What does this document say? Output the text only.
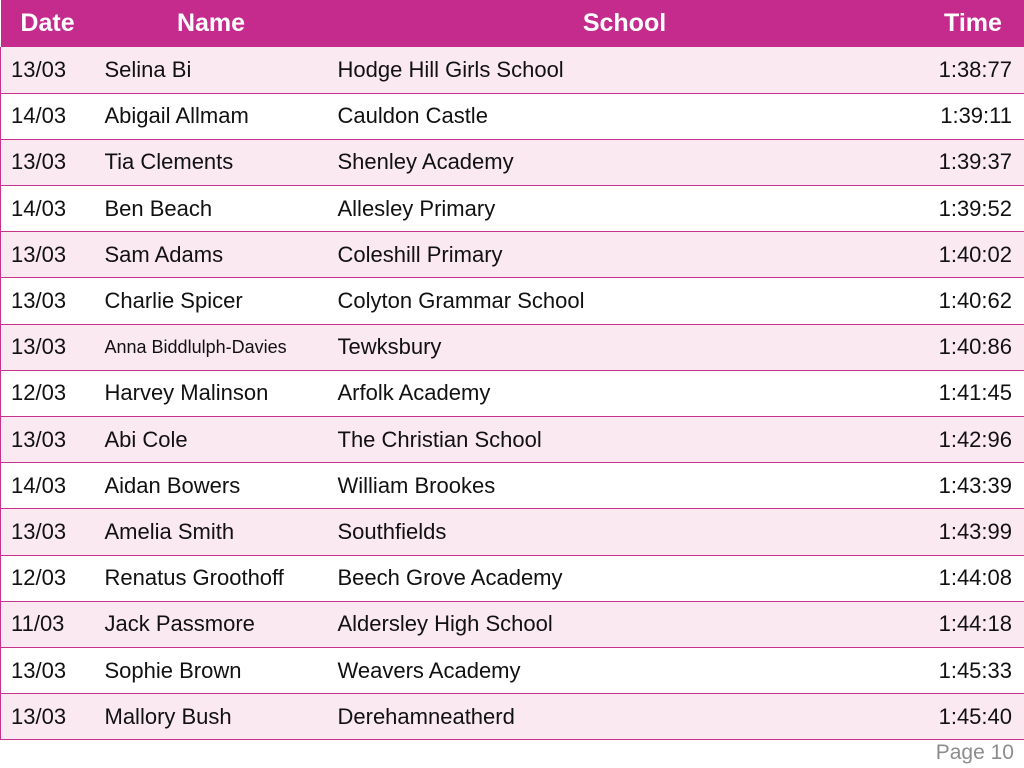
Date	Name	School	Time
13/03	Selina Bi	Hodge Hill Girls School	1:38:77
14/03	Abigail Allmam	Cauldon Castle	1:39:11
13/03	Tia Clements	Shenley Academy	1:39:37
14/03	Ben Beach	Allesley Primary	1:39:52
13/03	Sam Adams	Coleshill Primary	1:40:02
13/03	Charlie Spicer	Colyton Grammar School	1:40:62
13/03	Anna Biddlulph-Davies	Tewksbury	1:40:86
12/03	Harvey Malinson	Arfolk Academy	1:41:45
13/03	Abi Cole	The Christian School	1:42:96
14/03	Aidan Bowers	William Brookes	1:43:39
13/03	Amelia Smith	Southfields	1:43:99
12/03	Renatus Groothoff	Beech Grove Academy	1:44:08
11/03	Jack Passmore	Aldersley High School	1:44:18
13/03	Sophie Brown	Weavers Academy	1:45:33
13/03	Mallory Bush	Derehamneatherd	1:45:40
Page 10
